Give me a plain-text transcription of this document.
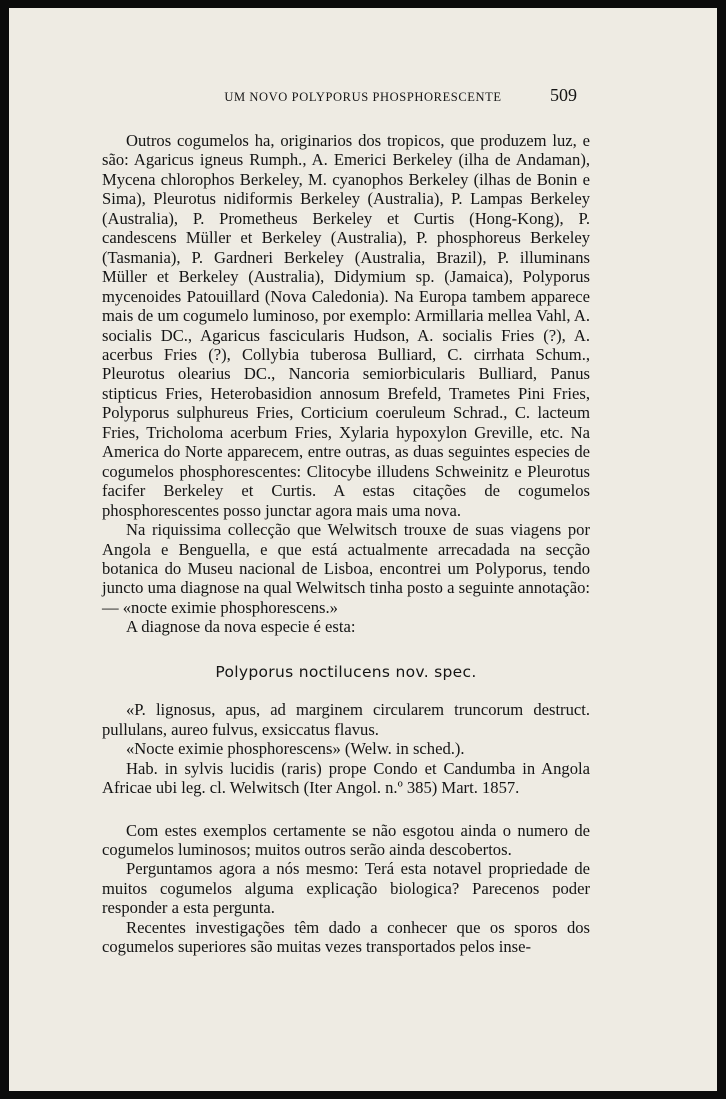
UM NOVO POLYPORUS PHOSPHORESCENTE	509

Outros cogumelos ha, originarios dos tropicos, que produzem luz, e são: Agaricus igneus Rumph., A. Emerici Berkeley (ilha de Andaman), Mycena chlorophos Berkeley, M. cyanophos Berkeley (ilhas de Bonin e Sima), Pleurotus nidiformis Berkeley (Australia), P. Lampas Berkeley (Australia), P. Prometheus Berkeley et Curtis (Hong-Kong), P. candescens Müller et Berkeley (Australia), P. phosphoreus Berkeley (Tasmania), P. Gardneri Berkeley (Australia, Brazil), P. illuminans Müller et Berkeley (Australia), Didymium sp. (Jamaica), Polyporus mycenoides Patouillard (Nova Caledonia). Na Europa tambem apparece mais de um cogumelo luminoso, por exemplo: Armillaria mellea Vahl, A. socialis DC., Agaricus fascicularis Hudson, A. socialis Fries (?), A. acerbus Fries (?), Collybia tuberosa Bulliard, C. cirrhata Schum., Pleurotus olearius DC., Nancoria semiorbicularis Bulliard, Panus stipticus Fries, Heterobasidion annosum Brefeld, Trametes Pini Fries, Polyporus sulphureus Fries, Corticium coeruleum Schrad., C. lacteum Fries, Tricholoma acerbum Fries, Xylaria hypoxylon Greville, etc. Na America do Norte apparecem, entre outras, as duas seguintes especies de cogumelos phosphorescentes: Clitocybe illudens Schweinitz e Pleurotus facifer Berkeley et Curtis. A estas citações de cogumelos phosphorescentes posso junctar agora mais uma nova.

Na riquissima collecção que Welwitsch trouxe de suas viagens por Angola e Benguella, e que está actualmente arrecadada na secção botanica do Museu nacional de Lisboa, encontrei um Polyporus, tendo juncto uma diagnose na qual Welwitsch tinha posto a seguinte annotação: — «nocte eximie phosphorescens.»

A diagnose da nova especie é esta:

Polyporus noctilucens nov. spec.

«P. lignosus, apus, ad marginem circularem truncorum destruct. pullulans, aureo fulvus, exsiccatus flavus.

«Nocte eximie phosphorescens» (Welw. in sched.).

Hab. in sylvis lucidis (raris) prope Condo et Candumba in Angola Africae ubi leg. cl. Welwitsch (Iter Angol. n.º 385) Mart. 1857.

Com estes exemplos certamente se não esgotou ainda o numero de cogumelos luminosos; muitos outros serão ainda descobertos.

Perguntamos agora a nós mesmo: Terá esta notavel propriedade de muitos cogumelos alguma explicação biologica? Parecenos poder responder a esta pergunta.

Recentes investigações têm dado a conhecer que os sporos dos cogumelos superiores são muitas vezes transportados pelos inse-
